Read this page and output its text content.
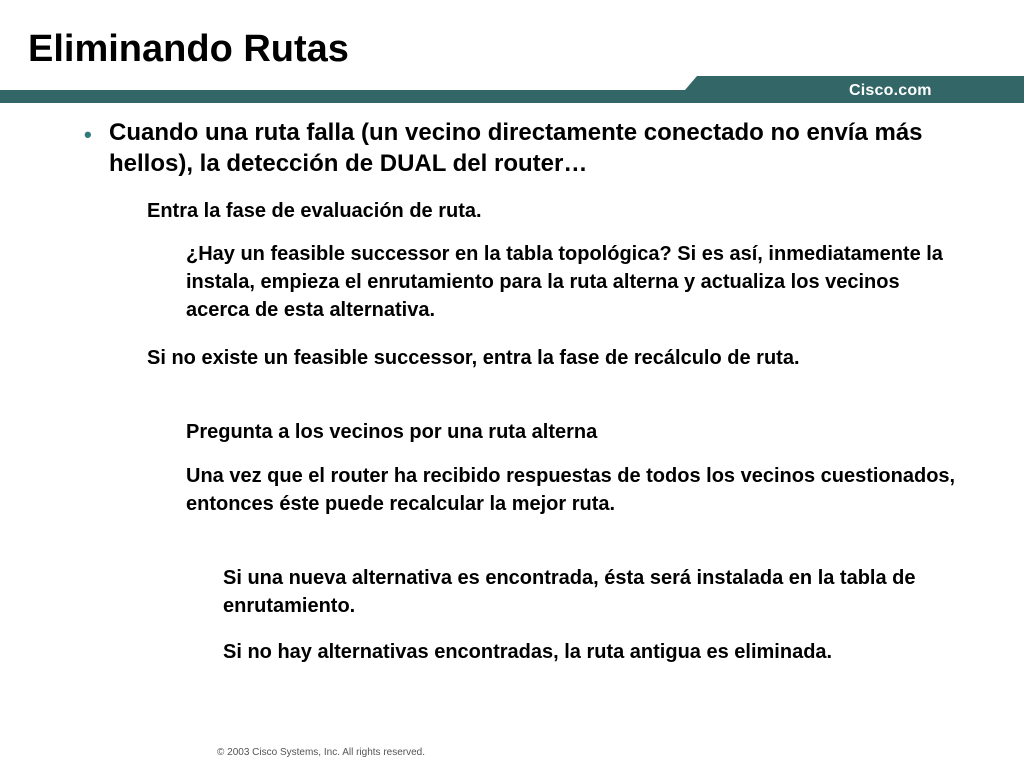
Eliminando Rutas
Cisco.com
• Cuando una ruta falla (un vecino directamente conectado no envía más hellos), la detección de DUAL del router…

Entra la fase de evaluación de ruta.

¿Hay un feasible successor en la tabla topológica? Si es así, inmediatamente la instala, empieza el enrutamiento para la ruta alterna y actualiza los vecinos acerca de esta alternativa.

Si no existe un feasible successor, entra la fase de recálculo de ruta.

Pregunta a los vecinos por una ruta alterna

Una vez que el router ha recibido respuestas de todos los vecinos cuestionados, entonces éste puede recalcular la mejor ruta.

Si una nueva alternativa es encontrada, ésta será instalada en la tabla de enrutamiento.

Si no hay alternativas encontradas, la ruta antigua es eliminada.

© 2003 Cisco Systems, Inc. All rights reserved.
